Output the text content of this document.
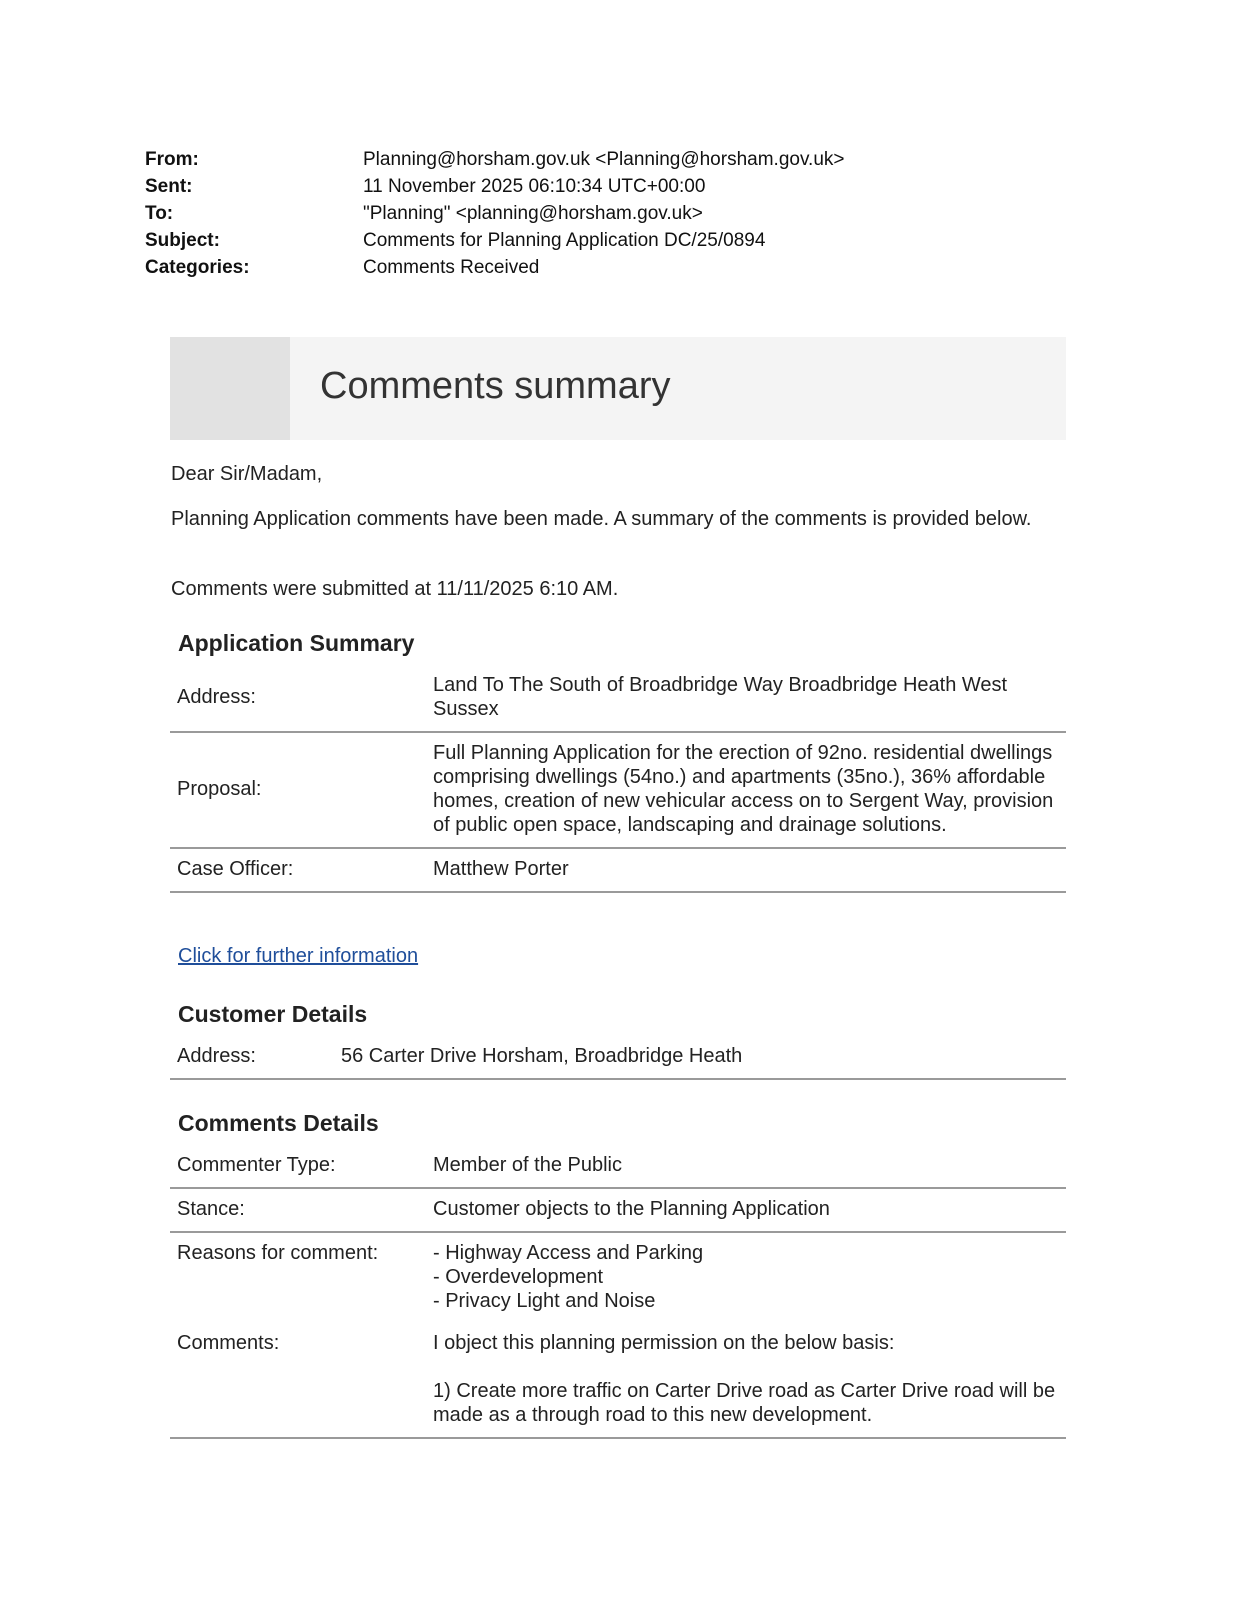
From:	Planning@horsham.gov.uk <Planning@horsham.gov.uk>
Sent:	11 November 2025 06:10:34 UTC+00:00
To:	"Planning" <planning@horsham.gov.uk>
Subject:	Comments for Planning Application DC/25/0894
Categories:	Comments Received
Comments summary
Dear Sir/Madam,
Planning Application comments have been made. A summary of the comments is provided below.
Comments were submitted at 11/11/2025 6:10 AM.
Application Summary
Address:	Land To The South of Broadbridge Way Broadbridge Heath West Sussex
Proposal:	Full Planning Application for the erection of 92no. residential dwellings comprising dwellings (54no.) and apartments (35no.), 36% affordable homes, creation of new vehicular access on to Sergent Way, provision of public open space, landscaping and drainage solutions.
Case Officer:	Matthew Porter
Click for further information
Customer Details
Address:	56 Carter Drive Horsham, Broadbridge Heath
Comments Details
Commenter Type:	Member of the Public
Stance:	Customer objects to the Planning Application
Reasons for comment:	- Highway Access and Parking
- Overdevelopment
- Privacy Light and Noise

Comments:	I object this planning permission on the below basis:
1) Create more traffic on Carter Drive road as Carter Drive road will be made as a through road to this new development.
